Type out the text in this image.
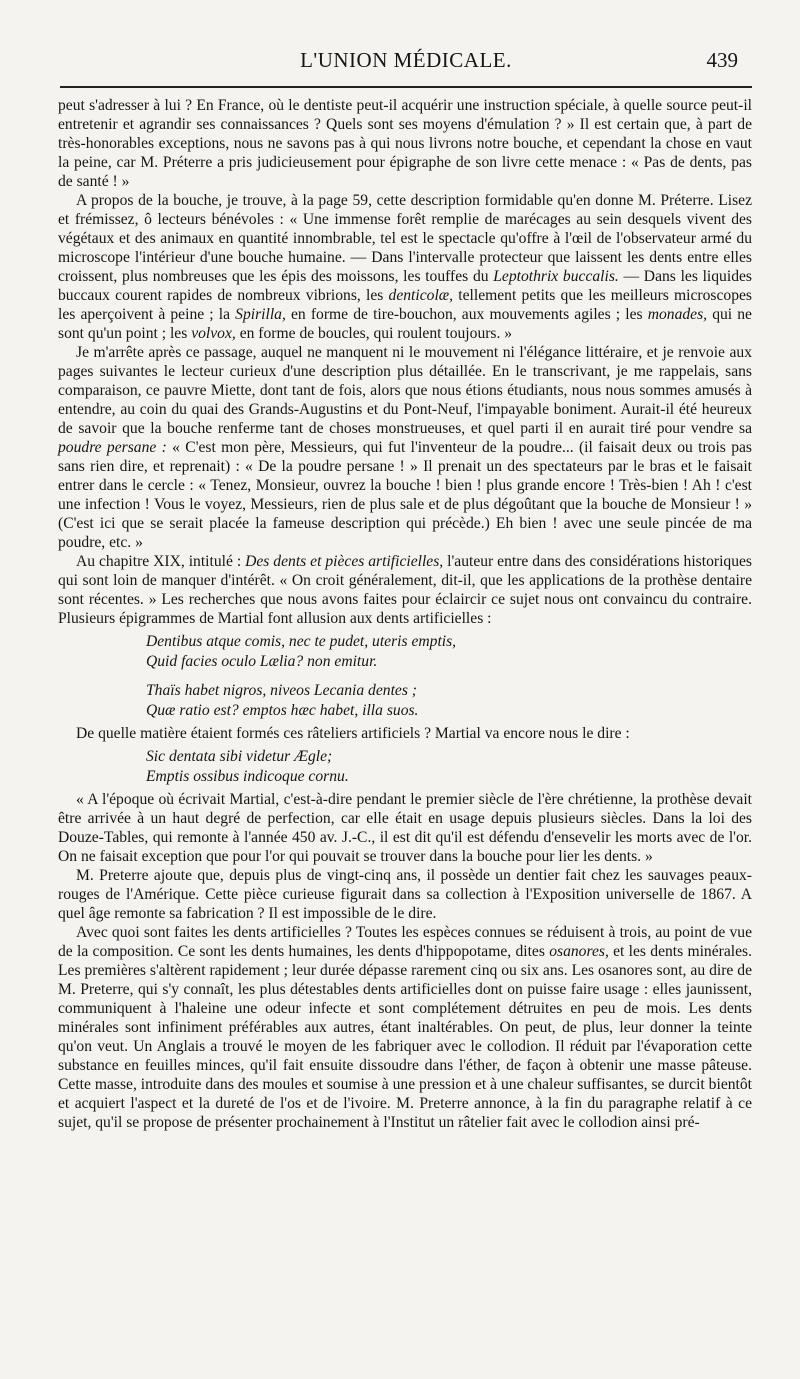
L'UNION MÉDICALE.	439

peut s'adresser à lui ? En France, où le dentiste peut-il acquérir une instruction spéciale, à quelle source peut-il entretenir et agrandir ses connaissances ? Quels sont ses moyens d'émulation ? » Il est certain que, à part de très-honorables exceptions, nous ne savons pas à qui nous livrons notre bouche, et cependant la chose en vaut la peine, car M. Préterre a pris judicieusement pour épigraphe de son livre cette menace : « Pas de dents, pas de santé ! »

A propos de la bouche, je trouve, à la page 59, cette description formidable qu'en donne M. Préterre. Lisez et frémissez, ô lecteurs bénévoles : « Une immense forêt remplie de marécages au sein desquels vivent des végétaux et des animaux en quantité innombrable, tel est le spectacle qu'offre à l'œil de l'observateur armé du microscope l'intérieur d'une bouche humaine. — Dans l'intervalle protecteur que laissent les dents entre elles croissent, plus nombreuses que les épis des moissons, les touffes du Leptothrix buccalis. — Dans les liquides buccaux courent rapides de nombreux vibrions, les denticolæ, tellement petits que les meilleurs microscopes les aperçoivent à peine ; la Spirilla, en forme de tire-bouchon, aux mouvements agiles ; les monades, qui ne sont qu'un point ; les volvox, en forme de boucles, qui roulent toujours. »

Je m'arrête après ce passage, auquel ne manquent ni le mouvement ni l'élégance littéraire, et je renvoie aux pages suivantes le lecteur curieux d'une description plus détaillée. En le transcrivant, je me rappelais, sans comparaison, ce pauvre Miette, dont tant de fois, alors que nous étions étudiants, nous nous sommes amusés à entendre, au coin du quai des Grands-Augustins et du Pont-Neuf, l'impayable boniment. Aurait-il été heureux de savoir que la bouche renferme tant de choses monstrueuses, et quel parti il en aurait tiré pour vendre sa poudre persane : « C'est mon père, Messieurs, qui fut l'inventeur de la poudre... (il faisait deux ou trois pas sans rien dire, et reprenait) : « De la poudre persane ! » Il prenait un des spectateurs par le bras et le faisait entrer dans le cercle : « Tenez, Monsieur, ouvrez la bouche ! bien ! plus grande encore ! Très-bien ! Ah ! c'est une infection ! Vous le voyez, Messieurs, rien de plus sale et de plus dégoûtant que la bouche de Monsieur ! » (C'est ici que se serait placée la fameuse description qui précède.) Eh bien ! avec une seule pincée de ma poudre, etc. »

Au chapitre XIX, intitulé : Des dents et pièces artificielles, l'auteur entre dans des considérations historiques qui sont loin de manquer d'intérêt. « On croit généralement, dit-il, que les applications de la prothèse dentaire sont récentes. » Les recherches que nous avons faites pour éclaircir ce sujet nous ont convaincu du contraire. Plusieurs épigrammes de Martial font allusion aux dents artificielles :

Dentibus atque comis, nec te pudet, uteris emptis,

Quid facies oculo Lælia? non emitur.

Thaïs habet nigros, niveos Lecania dentes ;

Quæ ratio est? emptos hæc habet, illa suos.

De quelle matière étaient formés ces râteliers artificiels ? Martial va encore nous le dire :

Sic dentata sibi videtur Ægle;

Emptis ossibus indicoque cornu.

« A l'époque où écrivait Martial, c'est-à-dire pendant le premier siècle de l'ère chrétienne, la prothèse devait être arrivée à un haut degré de perfection, car elle était en usage depuis plusieurs siècles. Dans la loi des Douze-Tables, qui remonte à l'année 450 av. J.-C., il est dit qu'il est défendu d'ensevelir les morts avec de l'or. On ne faisait exception que pour l'or qui pouvait se trouver dans la bouche pour lier les dents. »

M. Preterre ajoute que, depuis plus de vingt-cinq ans, il possède un dentier fait chez les sauvages peaux-rouges de l'Amérique. Cette pièce curieuse figurait dans sa collection à l'Exposition universelle de 1867. A quel âge remonte sa fabrication ? Il est impossible de le dire.

Avec quoi sont faites les dents artificielles ? Toutes les espèces connues se réduisent à trois, au point de vue de la composition. Ce sont les dents humaines, les dents d'hippopotame, dites osanores, et les dents minérales. Les premières s'altèrent rapidement ; leur durée dépasse rarement cinq ou six ans. Les osanores sont, au dire de M. Preterre, qui s'y connaît, les plus détestables dents artificielles dont on puisse faire usage : elles jaunissent, communiquent à l'haleine une odeur infecte et sont complétement détruites en peu de mois. Les dents minérales sont infiniment préférables aux autres, étant inaltérables. On peut, de plus, leur donner la teinte qu'on veut. Un Anglais a trouvé le moyen de les fabriquer avec le collodion. Il réduit par l'évaporation cette substance en feuilles minces, qu'il fait ensuite dissoudre dans l'éther, de façon à obtenir une masse pâteuse. Cette masse, introduite dans des moules et soumise à une pression et à une chaleur suffisantes, se durcit bientôt et acquiert l'aspect et la dureté de l'os et de l'ivoire. M. Preterre annonce, à la fin du paragraphe relatif à ce sujet, qu'il se propose de présenter prochainement à l'Institut un râtelier fait avec le collodion ainsi pré-
